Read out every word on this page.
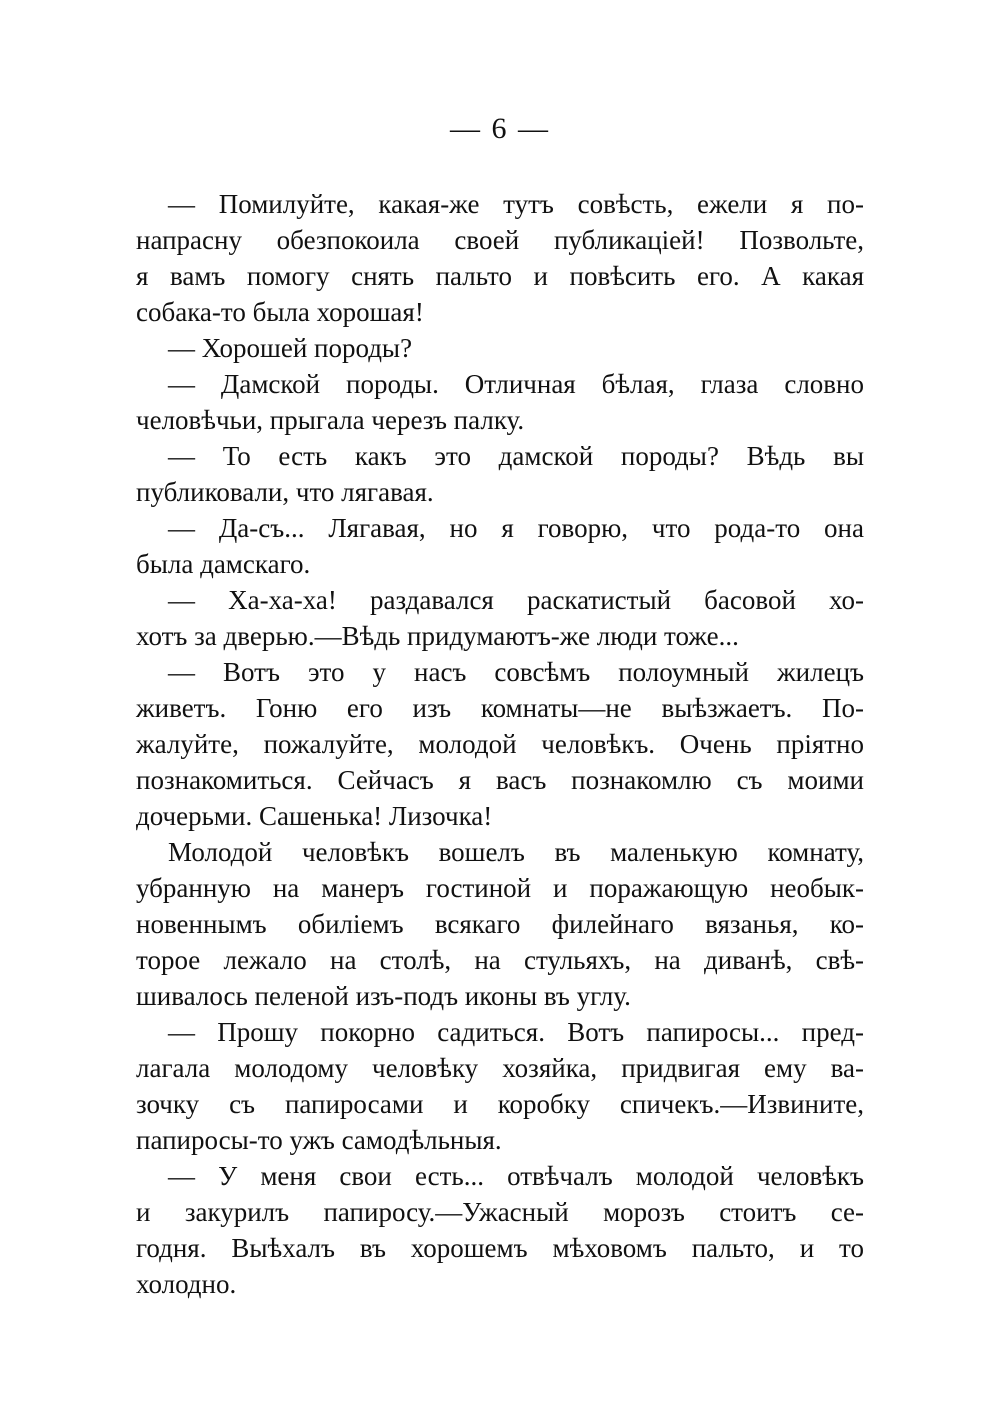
— 6 —
— Помилуйте, какая-же тутъ совѣсть, ежели я по-
напрасну обезпокоила своей публикаціей! Позвольте,
я вамъ помогу снять пальто и повѣсить его. А какая
собака-то была хорошая!
— Хорошей породы?
— Дамской породы. Отличная бѣлая, глаза словно
человѣчьи, прыгала черезъ палку.
— То есть какъ это дамской породы? Вѣдь вы
публиковали, что лягавая.
— Да-съ... Лягавая, но я говорю, что рода-то она
была дамскаго.
— Ха-ха-ха! раздавался раскатистый басовой хо-
хотъ за дверью.—Вѣдь придумаютъ-же люди тоже...
— Вотъ это у насъ совсѣмъ полоумный жилецъ
живетъ. Гоню его изъ комнаты—не выѣзжаетъ. По-
жалуйте, пожалуйте, молодой человѣкъ. Очень пріятно
познакомиться. Сейчасъ я васъ познакомлю съ моими
дочерьми. Сашенька! Лизочка!
Молодой человѣкъ вошелъ въ маленькую комнату,
убранную на манеръ гостиной и поражающую необык-
новеннымъ обиліемъ всякаго филейнаго вязанья, ко-
торое лежало на столѣ, на стульяхъ, на диванѣ, свѣ-
шивалось пеленой изъ-подъ иконы въ углу.
— Прошу покорно садиться. Вотъ папиросы... пред-
лагала молодому человѣку хозяйка, придвигая ему ва-
зочку съ папиросами и коробку спичекъ.—Извините,
папиросы-то ужъ самодѣльныя.
— У меня свои есть... отвѣчалъ молодой человѣкъ
и закурилъ папиросу.—Ужасный морозъ стоитъ се-
годня. Выѣхалъ въ хорошемъ мѣховомъ пальто, и то
холодно.
